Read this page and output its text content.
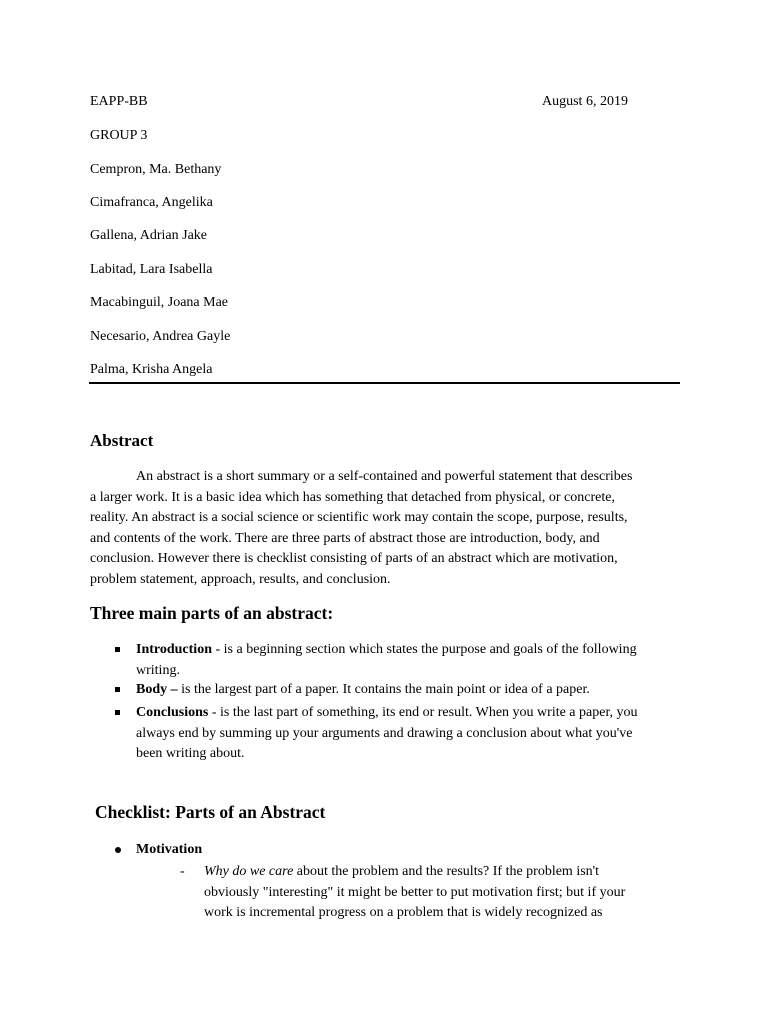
EAPP-BB	August 6, 2019
GROUP 3
Cempron, Ma. Bethany
Cimafranca, Angelika
Gallena, Adrian Jake
Labitad, Lara Isabella
Macabinguil, Joana Mae
Necesario, Andrea Gayle
Palma, Krisha Angela
Abstract

An abstract is a short summary or a self-contained and powerful statement that describes
a larger work. It is a basic idea which has something that detached from physical, or concrete,
reality. An abstract is a social science or scientific work may contain the scope, purpose, results,
and contents of the work. There are three parts of abstract those are introduction, body, and
conclusion. However there is checklist consisting of parts of an abstract which are motivation,
problem statement, approach, results, and conclusion.

Three main parts of an abstract:
Introduction - is a beginning section which states the purpose and goals of the following
writing.
Body – is the largest part of a paper. It contains the main point or idea of a paper.
Conclusions - is the last part of something, its end or result. When you write a paper, you
always end by summing up your arguments and drawing a conclusion about what you've
been writing about.
Checklist: Parts of an Abstract
Motivation
- Why do we care about the problem and the results? If the problem isn't
obviously "interesting" it might be better to put motivation first; but if your
work is incremental progress on a problem that is widely recognized as
